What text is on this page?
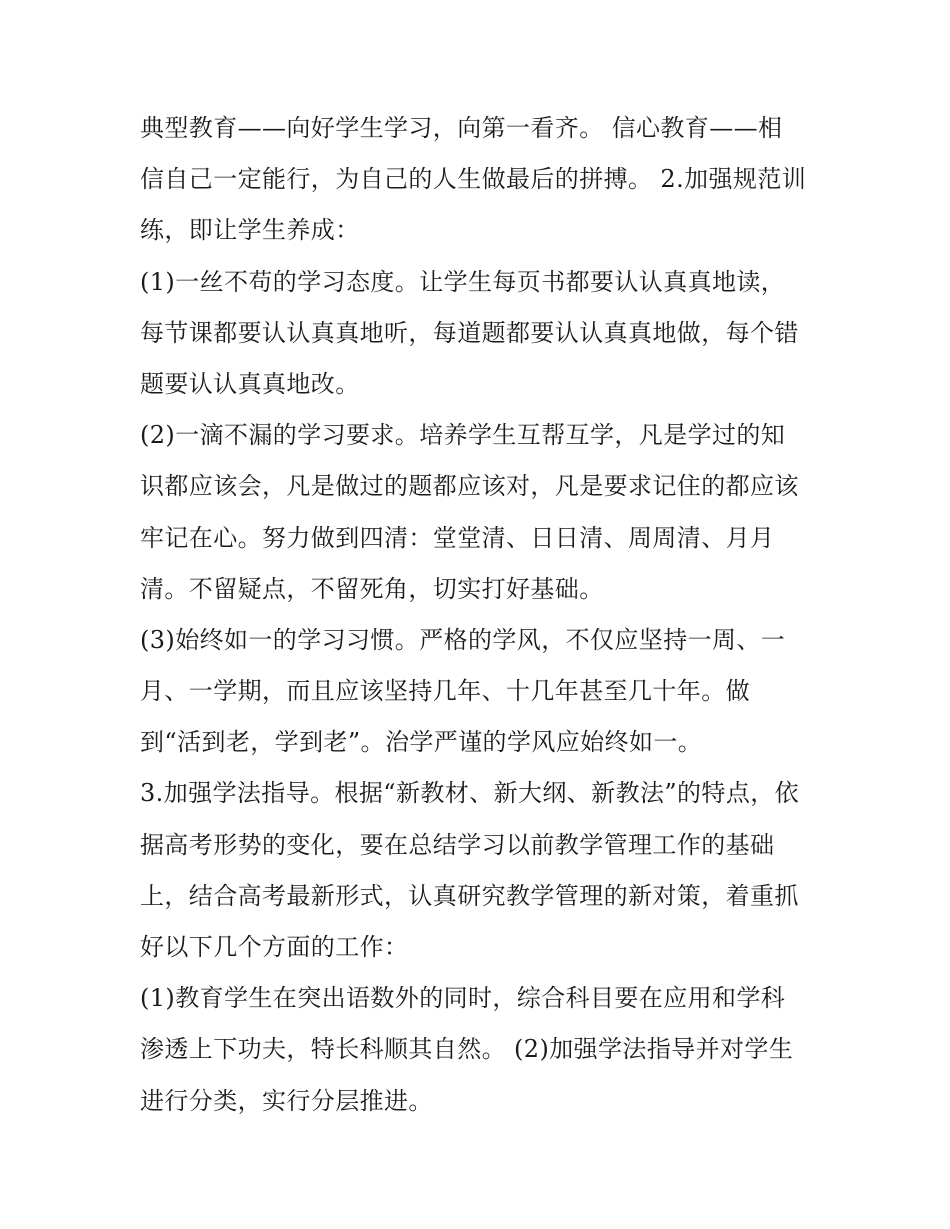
典型教育——向好学生学习，向第一看齐。 信心教育——相
信自己一定能行，为自己的人生做最后的拼搏。 2.加强规范训
练，即让学生养成：
(1)一丝不苟的学习态度。让学生每页书都要认认真真地读，
每节课都要认认真真地听，每道题都要认认真真地做，每个错
题要认认真真地改。
(2)一滴不漏的学习要求。培养学生互帮互学，凡是学过的知
识都应该会，凡是做过的题都应该对，凡是要求记住的都应该
牢记在心。努力做到四清：堂堂清、日日清、周周清、月月
清。不留疑点，不留死角，切实打好基础。
(3)始终如一的学习习惯。严格的学风，不仅应坚持一周、一
月、一学期，而且应该坚持几年、十几年甚至几十年。做
到“活到老，学到老”。治学严谨的学风应始终如一。
3.加强学法指导。根据“新教材、新大纲、新教法”的特点，依
据高考形势的变化，要在总结学习以前教学管理工作的基础
上，结合高考最新形式，认真研究教学管理的新对策，着重抓
好以下几个方面的工作：
(1)教育学生在突出语数外的同时，综合科目要在应用和学科
渗透上下功夫，特长科顺其自然。 (2)加强学法指导并对学生
进行分类，实行分层推进。
